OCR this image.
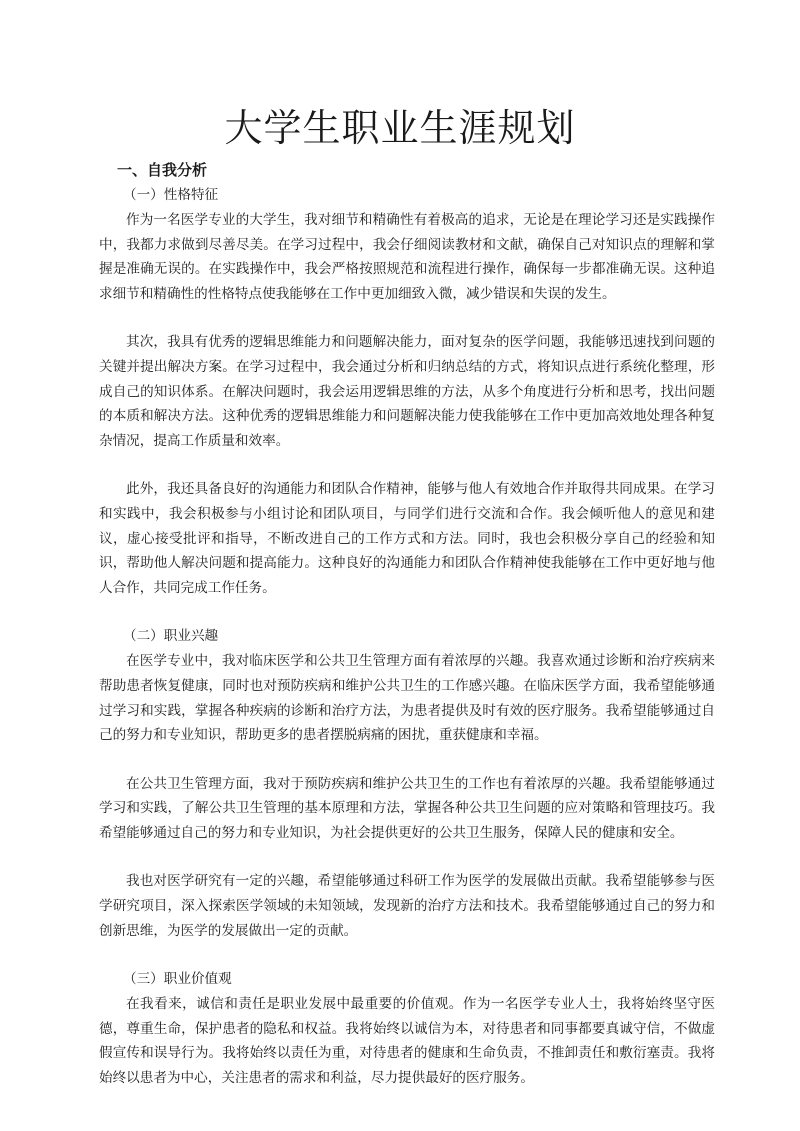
大学生职业生涯规划

一、自我分析

（一）性格特征

作为一名医学专业的大学生，我对细节和精确性有着极高的追求，无论是在理论学习还是实践操作中，我都力求做到尽善尽美。在学习过程中，我会仔细阅读教材和文献，确保自己对知识点的理解和掌握是准确无误的。在实践操作中，我会严格按照规范和流程进行操作，确保每一步都准确无误。这种追求细节和精确性的性格特点使我能够在工作中更加细致入微，减少错误和失误的发生。

其次，我具有优秀的逻辑思维能力和问题解决能力，面对复杂的医学问题，我能够迅速找到问题的关键并提出解决方案。在学习过程中，我会通过分析和归纳总结的方式，将知识点进行系统化整理，形成自己的知识体系。在解决问题时，我会运用逻辑思维的方法，从多个角度进行分析和思考，找出问题的本质和解决方法。这种优秀的逻辑思维能力和问题解决能力使我能够在工作中更加高效地处理各种复杂情况，提高工作质量和效率。

此外，我还具备良好的沟通能力和团队合作精神，能够与他人有效地合作并取得共同成果。在学习和实践中，我会积极参与小组讨论和团队项目，与同学们进行交流和合作。我会倾听他人的意见和建议，虚心接受批评和指导，不断改进自己的工作方式和方法。同时，我也会积极分享自己的经验和知识，帮助他人解决问题和提高能力。这种良好的沟通能力和团队合作精神使我能够在工作中更好地与他人合作，共同完成工作任务。

（二）职业兴趣

在医学专业中，我对临床医学和公共卫生管理方面有着浓厚的兴趣。我喜欢通过诊断和治疗疾病来帮助患者恢复健康，同时也对预防疾病和维护公共卫生的工作感兴趣。在临床医学方面，我希望能够通过学习和实践，掌握各种疾病的诊断和治疗方法，为患者提供及时有效的医疗服务。我希望能够通过自己的努力和专业知识，帮助更多的患者摆脱病痛的困扰，重获健康和幸福。

在公共卫生管理方面，我对于预防疾病和维护公共卫生的工作也有着浓厚的兴趣。我希望能够通过学习和实践，了解公共卫生管理的基本原理和方法，掌握各种公共卫生问题的应对策略和管理技巧。我希望能够通过自己的努力和专业知识，为社会提供更好的公共卫生服务，保障人民的健康和安全。

我也对医学研究有一定的兴趣，希望能够通过科研工作为医学的发展做出贡献。我希望能够参与医学研究项目，深入探索医学领域的未知领域，发现新的治疗方法和技术。我希望能够通过自己的努力和创新思维，为医学的发展做出一定的贡献。

（三）职业价值观

在我看来，诚信和责任是职业发展中最重要的价值观。作为一名医学专业人士，我将始终坚守医德，尊重生命，保护患者的隐私和权益。我将始终以诚信为本，对待患者和同事都要真诚守信，不做虚假宣传和误导行为。我将始终以责任为重，对待患者的健康和生命负责，不推卸责任和敷衍塞责。我将始终以患者为中心，关注患者的需求和利益，尽力提供最好的医疗服务。
